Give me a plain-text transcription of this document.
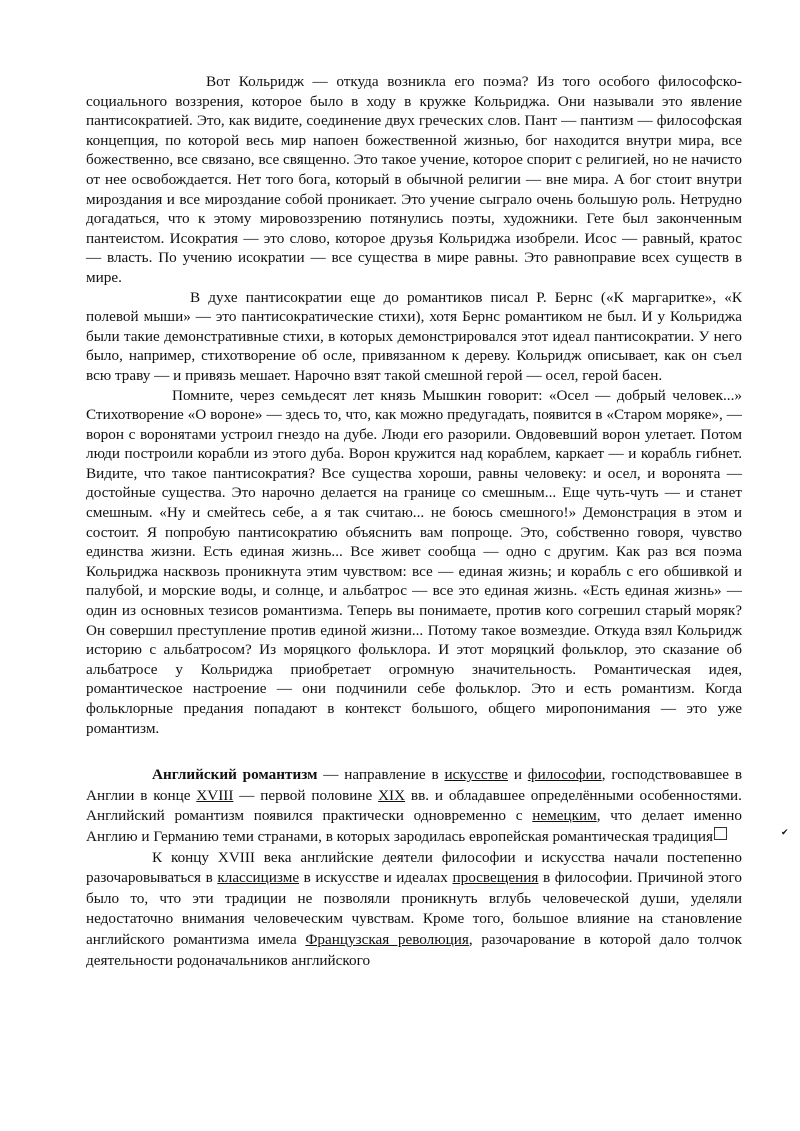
Вот Кольридж — откуда возникла его поэма? Из того особого философско-социального воззрения, которое было в ходу в кружке Кольриджа. Они называли это явление пантисократией. Это, как видите, соединение двух греческих слов. Пант — пантизм — философская концепция, по которой весь мир напоен божественной жизнью, бог находится внутри мира, все божественно, все связано, все священно. Это такое учение, которое спорит с религией, но не начисто от нее освобождается. Нет того бога, который в обычной религии — вне мира. А бог стоит внутри мироздания и все мироздание собой проникает. Это учение сыграло очень большую роль. Нетрудно догадаться, что к этому мировоззрению потянулись поэты, художники. Гете был законченным пантеистом. Исократия — это слово, которое друзья Кольриджа изобрели. Исос — равный, кратос — власть. По учению исократии — все существа в мире равны. Это равноправие всех существ в мире.

В духе пантисократии еще до романтиков писал Р. Бернс («К маргаритке», «К полевой мыши» — это пантисократические стихи), хотя Бернс романтиком не был. И у Кольриджа были такие демонстративные стихи, в которых демонстрировался этот идеал пантисократии. У него было, например, стихотворение об осле, привязанном к дереву. Кольридж описывает, как он съел всю траву — и привязь мешает. Нарочно взят такой смешной герой — осел, герой басен.

Помните, через семьдесят лет князь Мышкин говорит: «Осел — добрый человек...» Стихотворение «О вороне» — здесь то, что, как можно предугадать, появится в «Старом моряке», — ворон с воронятами устроил гнездо на дубе. Люди его разорили. Овдовевший ворон улетает. Потом люди построили корабли из этого дуба. Ворон кружится над кораблем, каркает — и корабль гибнет. Видите, что такое пантисократия? Все существа хороши, равны человеку: и осел, и воронята — достойные существа. Это нарочно делается на границе со смешным... Еще чуть-чуть — и станет смешным. «Ну и смейтесь себе, а я так считаю... не боюсь смешного!» Демонстрация в этом и состоит. Я попробую пантисократию объяснить вам попроще. Это, собственно говоря, чувство единства жизни. Есть единая жизнь... Все живет сообща — одно с другим. Как раз вся поэма Кольриджа насквозь проникнута этим чувством: все — единая жизнь; и корабль с его обшивкой и палубой, и морские воды, и солнце, и альбатрос — все это единая жизнь. «Есть единая жизнь» — один из основных тезисов романтизма. Теперь вы понимаете, против кого согрешил старый моряк? Он совершил преступление против единой жизни... Потому такое возмездие. Откуда взял Кольридж историю с альбатросом? Из моряцкого фольклора. И этот моряцкий фольклор, это сказание об альбатросе у Кольриджа приобретает огромную значительность. Романтическая идея, романтическое настроение — они подчинили себе фольклор. Это и есть романтизм. Когда фольклорные предания попадают в контекст большого, общего миропонимания — это уже романтизм.

Английский романтизм — направление в искусстве и философии, господствовавшее в Англии в конце XVIII — первой половине XIX вв. и обладавшее определёнными особенностями. Английский романтизм появился практически одновременно с немецким, что делает именно Англию и Германию теми странами, в которых зародилась европейская романтическая традиция	✔

К концу XVIII века английские деятели философии и искусства начали постепенно разочаровываться в классицизме в искусстве и идеалах просвещения в философии. Причиной этого было то, что эти традиции не позволяли проникнуть вглубь человеческой души, уделяли недостаточно внимания человеческим чувствам. Кроме того, большое влияние на становление английского романтизма имела Французская революция, разочарование в которой дало толчок деятельности родоначальников английского
